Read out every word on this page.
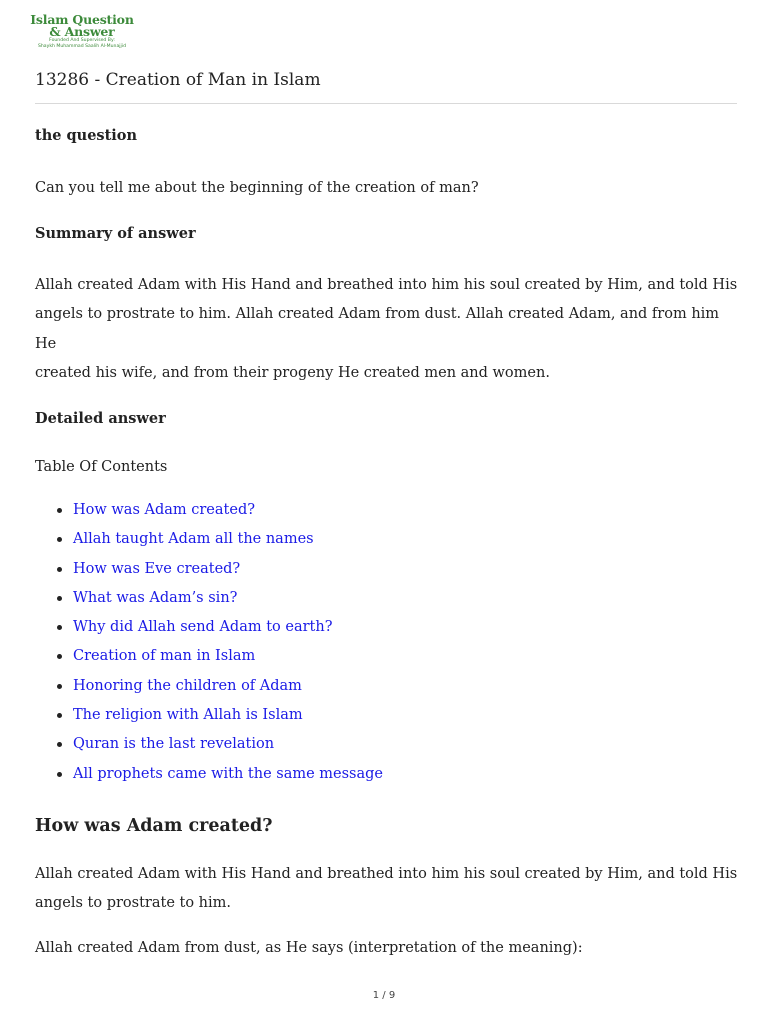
Islam Question
& Answer
Founded And Supervised By:
Shaykh Muhammad Saalih Al-Munajjid
13286 - Creation of Man in Islam

the question

Can you tell me about the beginning of the creation of man?

Summary of answer

Allah created Adam with His Hand and breathed into him his soul created by Him, and told His

angels to prostrate to him. Allah created Adam from dust. Allah created Adam, and from him He

created his wife, and from their progeny He created men and women.

Detailed answer

Table Of Contents

How was Adam created?
Allah taught Adam all the names
How was Eve created?
What was Adam’s sin?
Why did Allah send Adam to earth?
Creation of man in Islam
Honoring the children of Adam
The religion with Allah is Islam
Quran is the last revelation
All prophets came with the same message
How was Adam created?

Allah created Adam with His Hand and breathed into him his soul created by Him, and told His

angels to prostrate to him.

Allah created Adam from dust, as He says (interpretation of the meaning):

1 / 9
